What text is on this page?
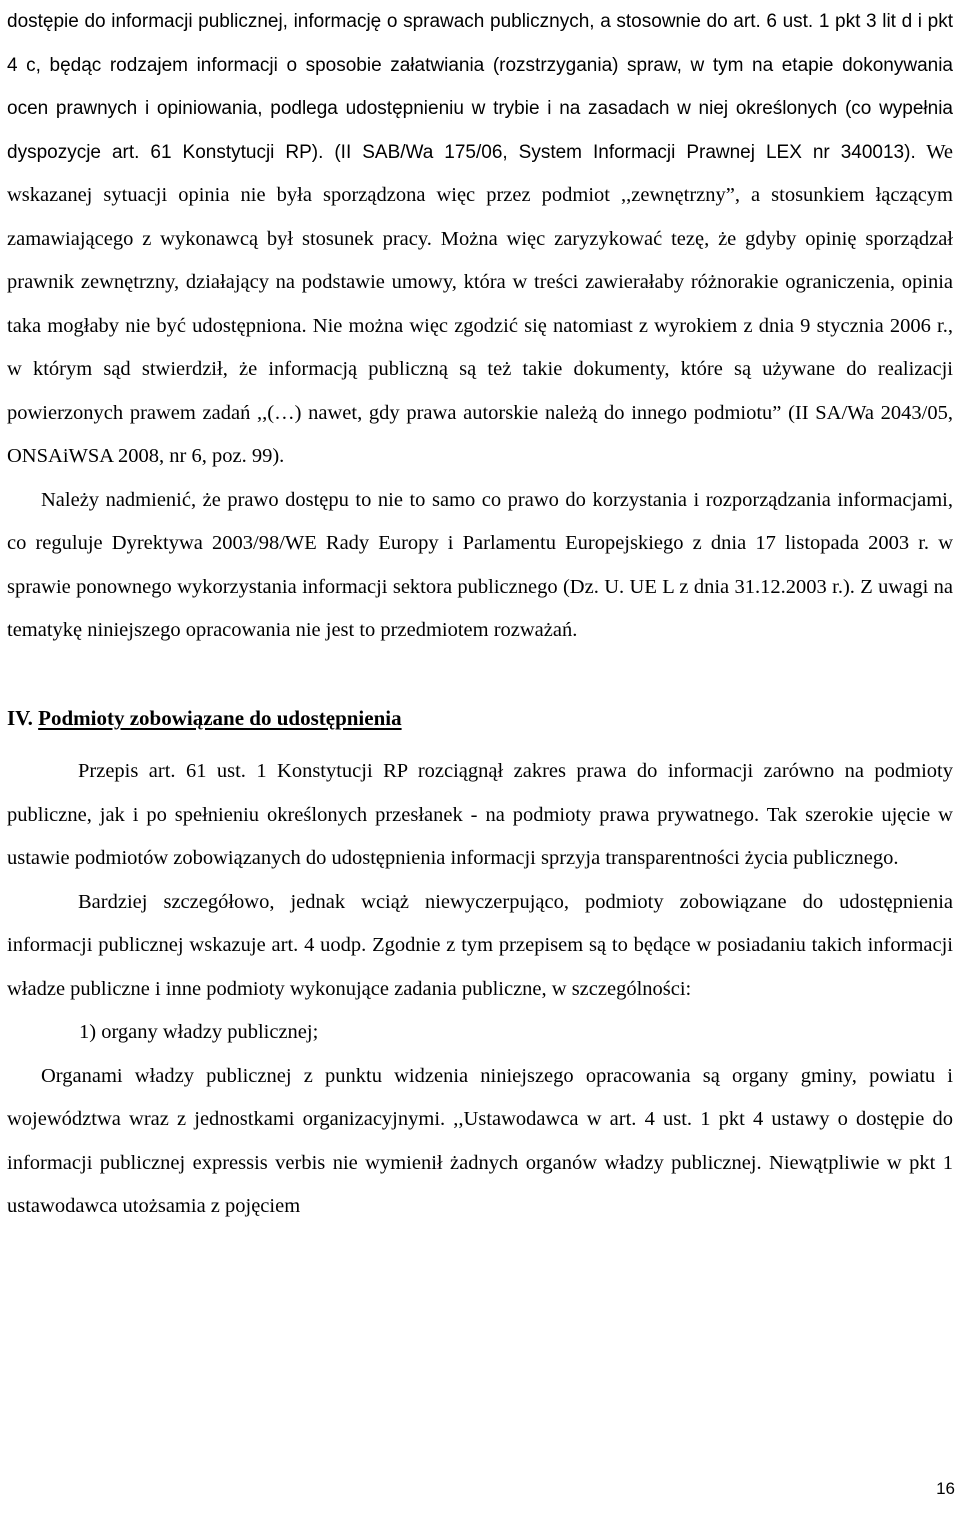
dostępie do informacji publicznej, informację o sprawach publicznych, a stosownie do art. 6 ust. 1 pkt 3 lit d i pkt 4 c, będąc rodzajem informacji o sposobie załatwiania (rozstrzygania) spraw, w tym na etapie dokonywania ocen prawnych i opiniowania, podlega udostępnieniu w trybie i na zasadach w niej określonych (co wypełnia dyspozycje art. 61 Konstytucji RP). (II SAB/Wa 175/06, System Informacji Prawnej LEX nr 340013). We wskazanej sytuacji opinia nie była sporządzona więc przez podmiot ,,zewnętrzny”, a stosunkiem łączącym zamawiającego z wykonawcą był stosunek pracy. Można więc zaryzykować tezę, że gdyby opinię sporządzał prawnik zewnętrzny, działający na podstawie umowy, która w treści zawierałaby różnorakie ograniczenia, opinia taka mogłaby nie być udostępniona. Nie można więc zgodzić się natomiast z wyrokiem z dnia 9 stycznia 2006 r., w którym sąd stwierdził, że informacją publiczną są też takie dokumenty, które są używane do realizacji powierzonych prawem zadań ,,(…) nawet, gdy prawa autorskie należą do innego podmiotu” (II SA/Wa 2043/05, ONSAiWSA 2008, nr 6, poz. 99).

Należy nadmienić, że prawo dostępu to nie to samo co prawo do korzystania i rozporządzania informacjami, co reguluje Dyrektywa 2003/98/WE Rady Europy i Parlamentu Europejskiego z dnia 17 listopada 2003 r. w sprawie ponownego wykorzystania informacji sektora publicznego (Dz. U. UE L z dnia 31.12.2003 r.). Z uwagi na tematykę niniejszego opracowania nie jest to przedmiotem rozważań.

IV. Podmioty zobowiązane do udostępnienia

Przepis art. 61 ust. 1 Konstytucji RP rozciągnął zakres prawa do informacji zarówno na podmioty publiczne, jak i po spełnieniu określonych przesłanek - na podmioty prawa prywatnego. Tak szerokie ujęcie w ustawie podmiotów zobowiązanych do udostępnienia informacji sprzyja transparentności życia publicznego.

Bardziej szczegółowo, jednak wciąż niewyczerpująco, podmioty zobowiązane do udostępnienia informacji publicznej wskazuje art. 4 uodp. Zgodnie z tym przepisem są to będące w posiadaniu takich informacji władze publiczne i inne podmioty wykonujące zadania publiczne, w szczególności:

1) organy władzy publicznej;

Organami władzy publicznej z punktu widzenia niniejszego opracowania są organy gminy, powiatu i województwa wraz z jednostkami organizacyjnymi. ,,Ustawodawca w art. 4 ust. 1 pkt 4 ustawy o dostępie do informacji publicznej expressis verbis nie wymienił żadnych organów władzy publicznej. Niewątpliwie w pkt 1 ustawodawca utożsamia z pojęciem

16
